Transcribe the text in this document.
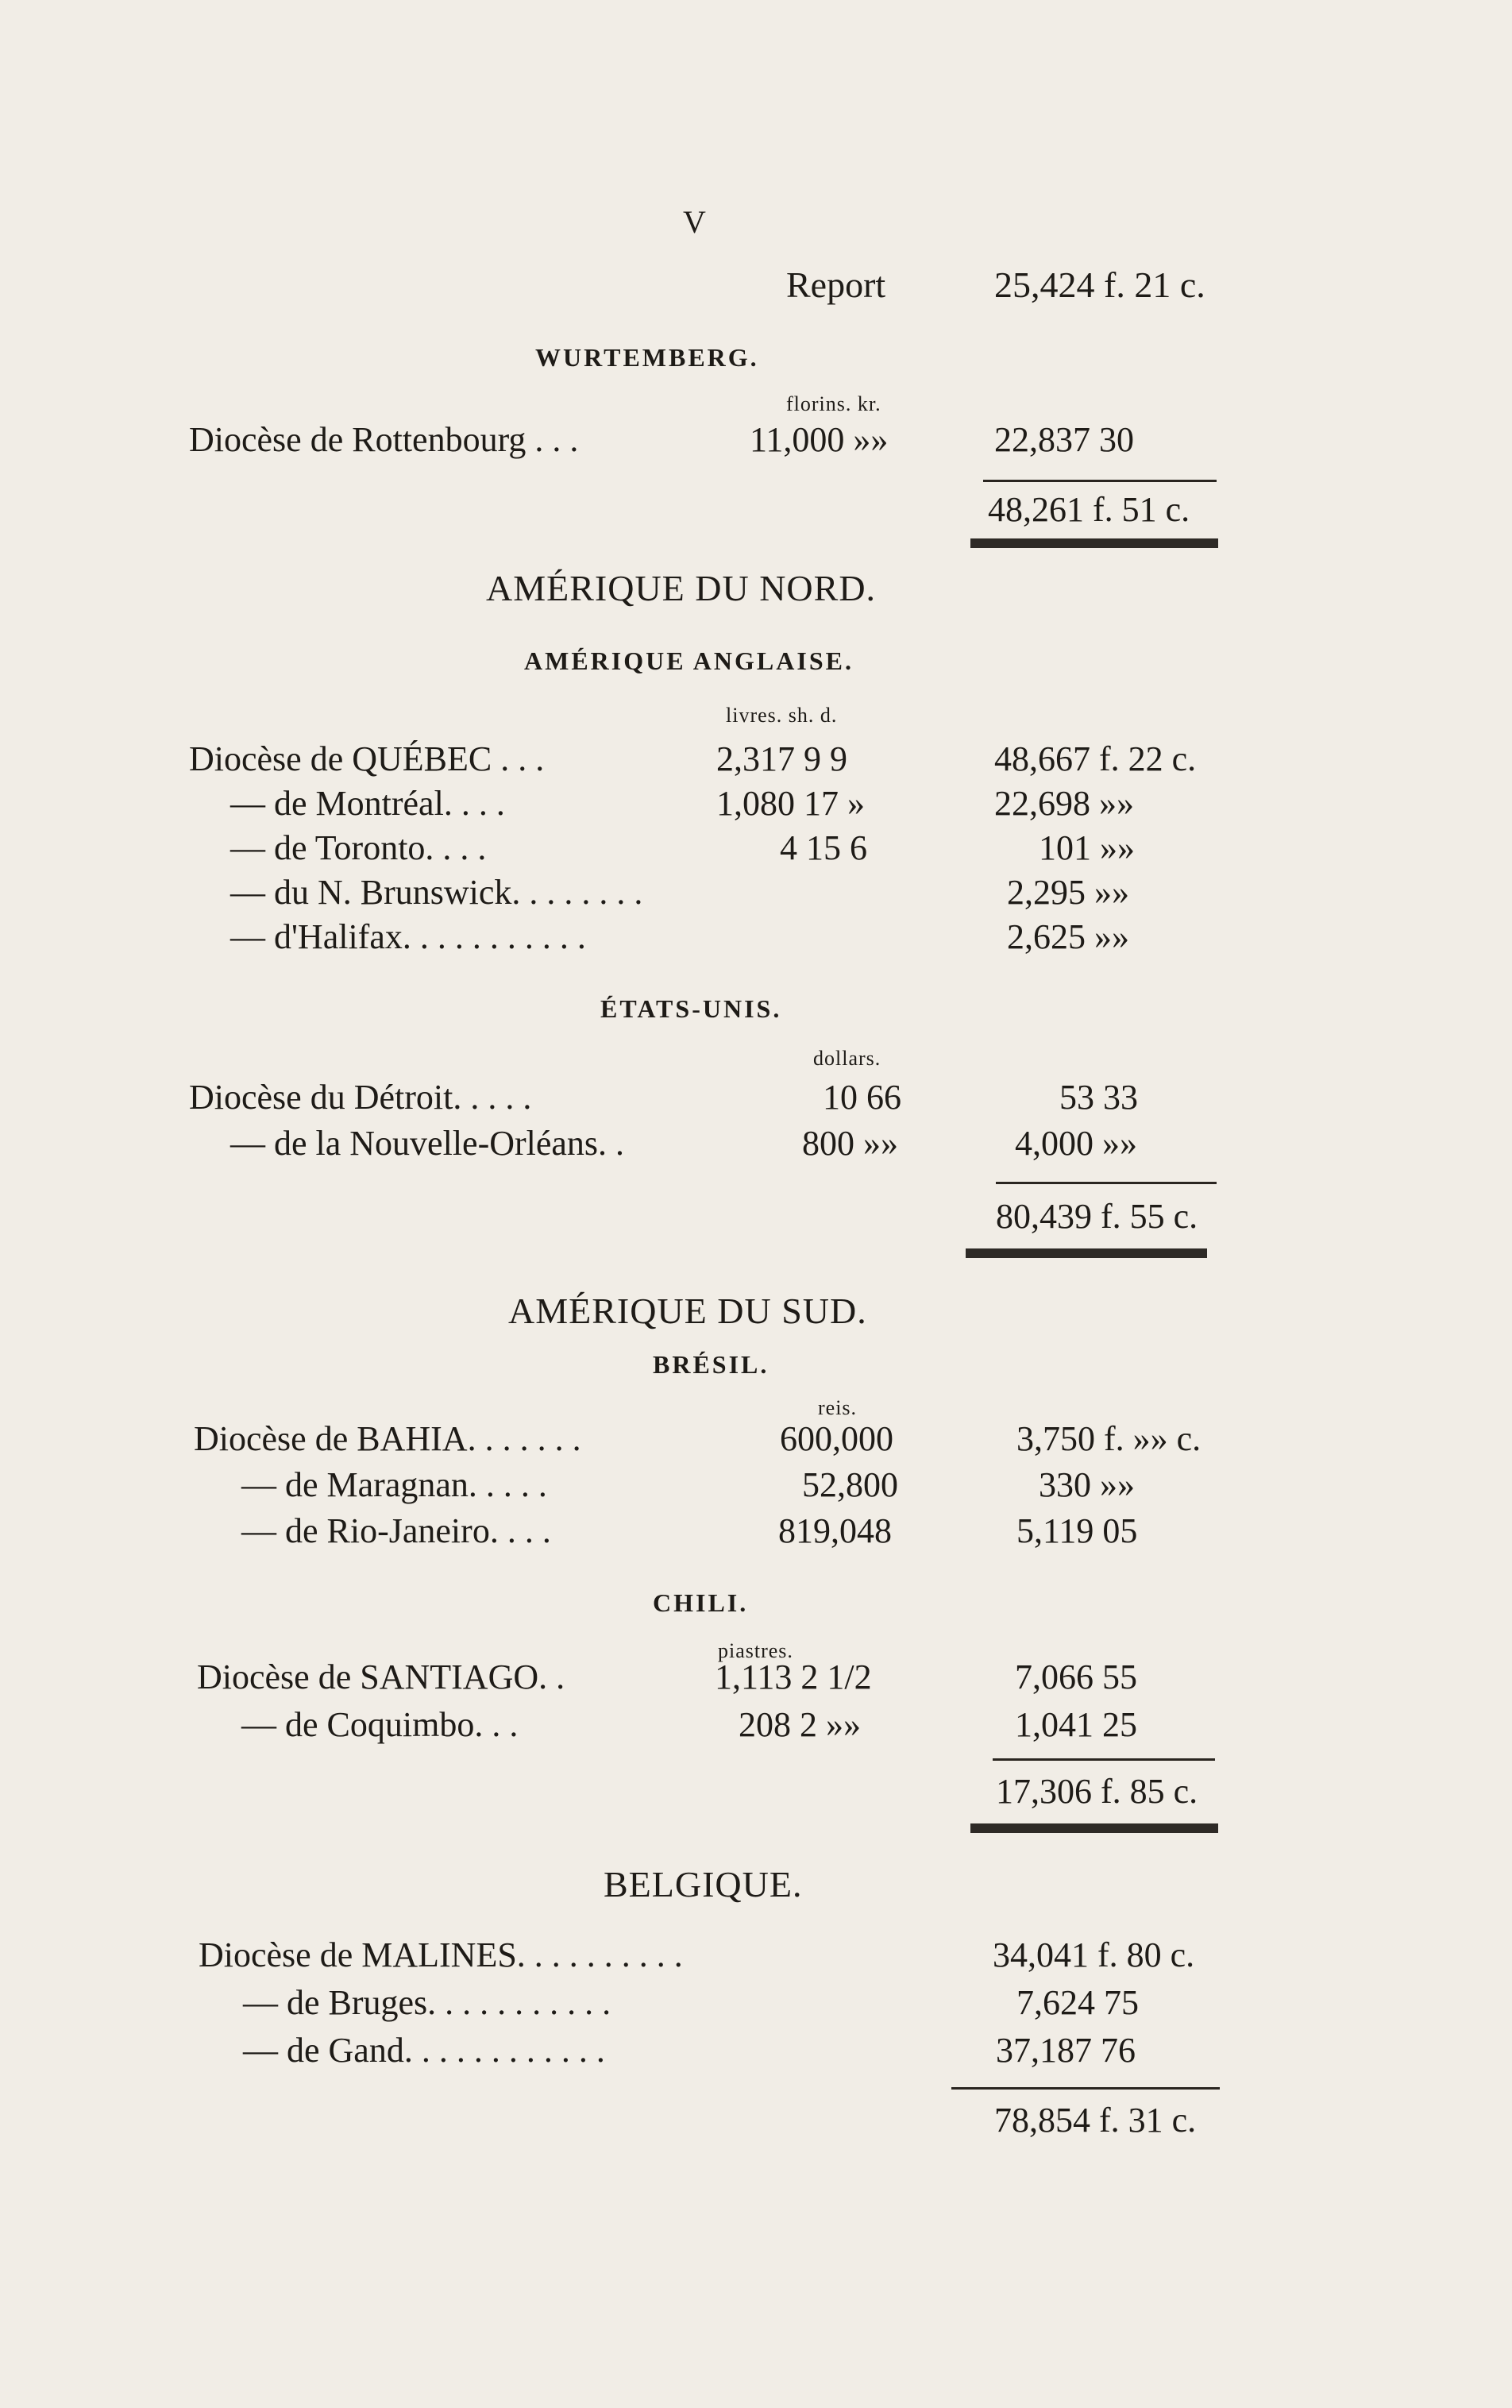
V
Report	25,424 f. 21 c.
WURTEMBERG.
florins. kr.
Diocèse de Rottenbourg . . .	11,000 »»	22,837 30
48,261 f. 51 c.
AMÉRIQUE DU NORD.
AMÉRIQUE ANGLAISE.
livres. sh. d.
Diocèse de QUÉBEC . . .	2,317 9 9	48,667 f. 22 c.
— de Montréal. . . .	1,080 17 »	22,698 »»
— de Toronto. . . .	4 15 6	101 »»
— du N. Brunswick. . . . . . . .	2,295 »»
— d'Halifax. . . . . . . . . . .	2,625 »»
ÉTATS-UNIS.
dollars.
Diocèse du Détroit. . . . .	10 66	53 33
— de la Nouvelle-Orléans. .	800 »»	4,000 »»
80,439 f. 55 c.
AMÉRIQUE DU SUD.
BRÉSIL.
reis.
Diocèse de BAHIA. . . . . . .	600,000	3,750 f. »» c.
— de Maragnan. . . . .	52,800	330 »»
— de Rio-Janeiro. . . .	819,048	5,119 05
CHILI.
piastres.
Diocèse de SANTIAGO. .	1,113 2 1/2	7,066 55
— de Coquimbo. . .	208 2 »»	1,041 25
17,306 f. 85 c.
BELGIQUE.
Diocèse de MALINES. . . . . . . . . .	34,041 f. 80 c.
— de Bruges. . . . . . . . . . .	7,624 75
— de Gand. . . . . . . . . . . .	37,187 76
78,854 f. 31 c.
